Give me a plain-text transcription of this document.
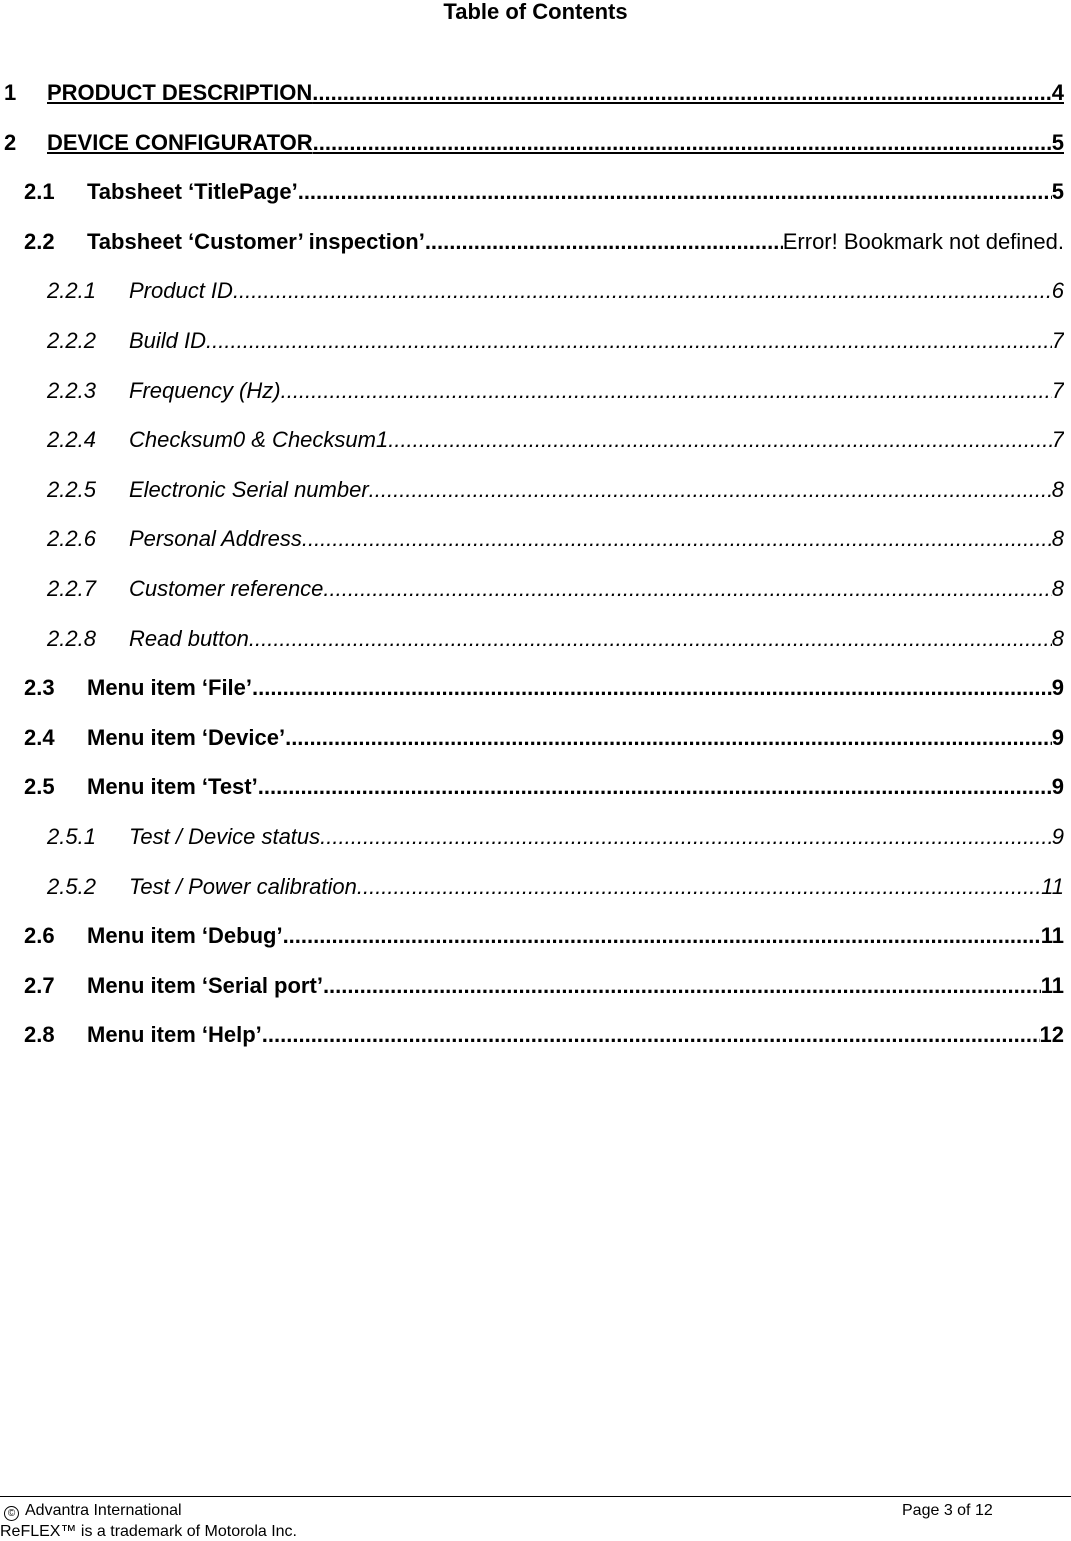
Table of Contents
1 PRODUCT DESCRIPTION .....	4
2 DEVICE CONFIGURATOR .....	5
2.1 Tabsheet ‘TitlePage’ .....	5
2.2 Tabsheet ‘Customer’ inspection’ .....	Error! Bookmark not defined.
2.2.1 Product ID .....	6
2.2.2 Build ID .....	7
2.2.3 Frequency (Hz) .....	7
2.2.4 Checksum0 & Checksum1 .....	7
2.2.5 Electronic Serial number .....	8
2.2.6 Personal Address .....	8
2.2.7 Customer reference .....	8
2.2.8 Read button .....	8
2.3 Menu item ‘File’ .....	9
2.4 Menu item ‘Device’ .....	9
2.5 Menu item ‘Test’ .....	9
2.5.1 Test / Device status .....	9
2.5.2 Test / Power calibration .....	11
2.6 Menu item ‘Debug’ .....	11
2.7 Menu item ‘Serial port’ .....	11
2.8 Menu item ‘Help’ .....	12
© Advantra International	Page 3 of 12
ReFLEX™ is a trademark of Motorola Inc.
